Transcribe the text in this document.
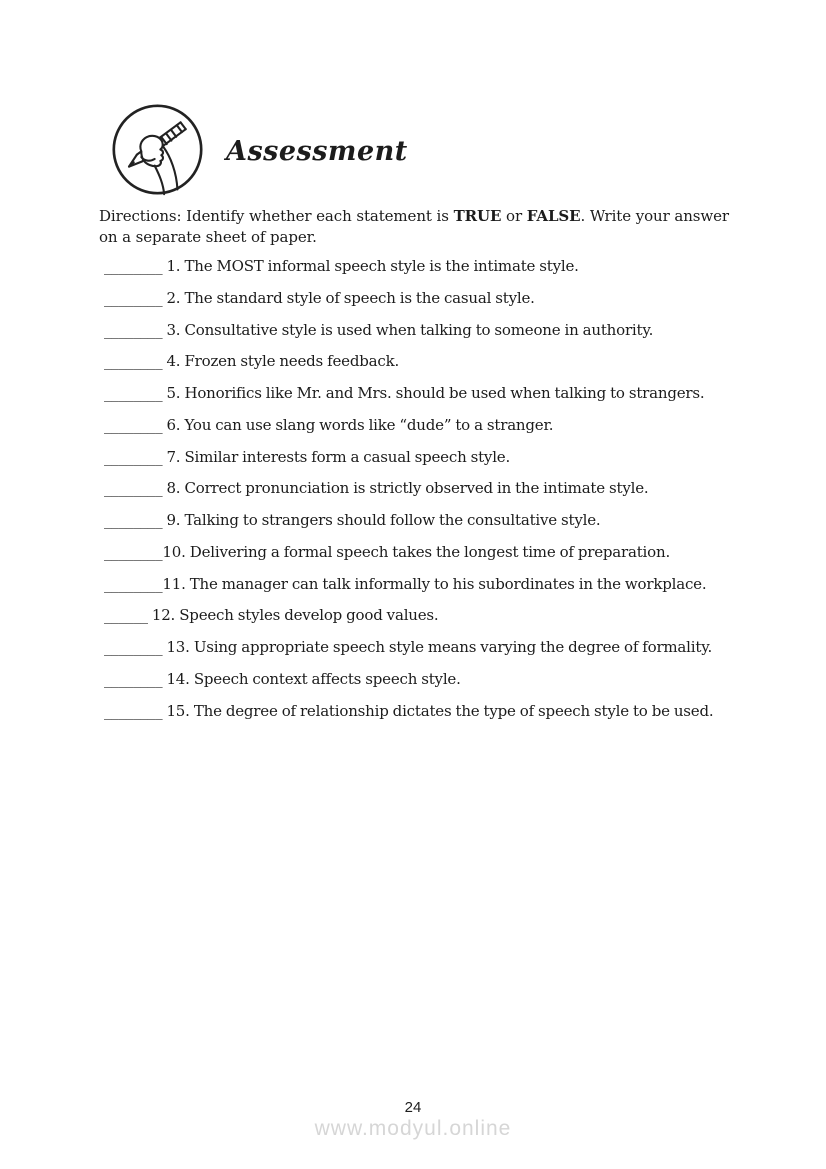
Assessment

Directions: Identify whether each statement is TRUE or FALSE. Write your answer on a separate sheet of paper.

________ 1. The MOST informal speech style is the intimate style.
________ 2. The standard style of speech is the casual style.
________ 3. Consultative style is used when talking to someone in authority.
________ 4. Frozen style needs feedback.
________ 5. Honorifics like Mr. and Mrs. should be used when talking to strangers.
________ 6. You can use slang words like “dude” to a stranger.
________ 7. Similar interests form a casual speech style.
________ 8. Correct pronunciation is strictly observed in the intimate style.
________ 9. Talking to strangers should follow the consultative style.
________10. Delivering a formal speech takes the longest time of preparation.
________11. The manager can talk informally to his subordinates in the workplace.
______ 12. Speech styles develop good values.
________ 13. Using appropriate speech style means varying the degree of formality.
________ 14. Speech context affects speech style.
________ 15. The degree of relationship dictates the type of speech style to be used.
24
www.modyul.online
